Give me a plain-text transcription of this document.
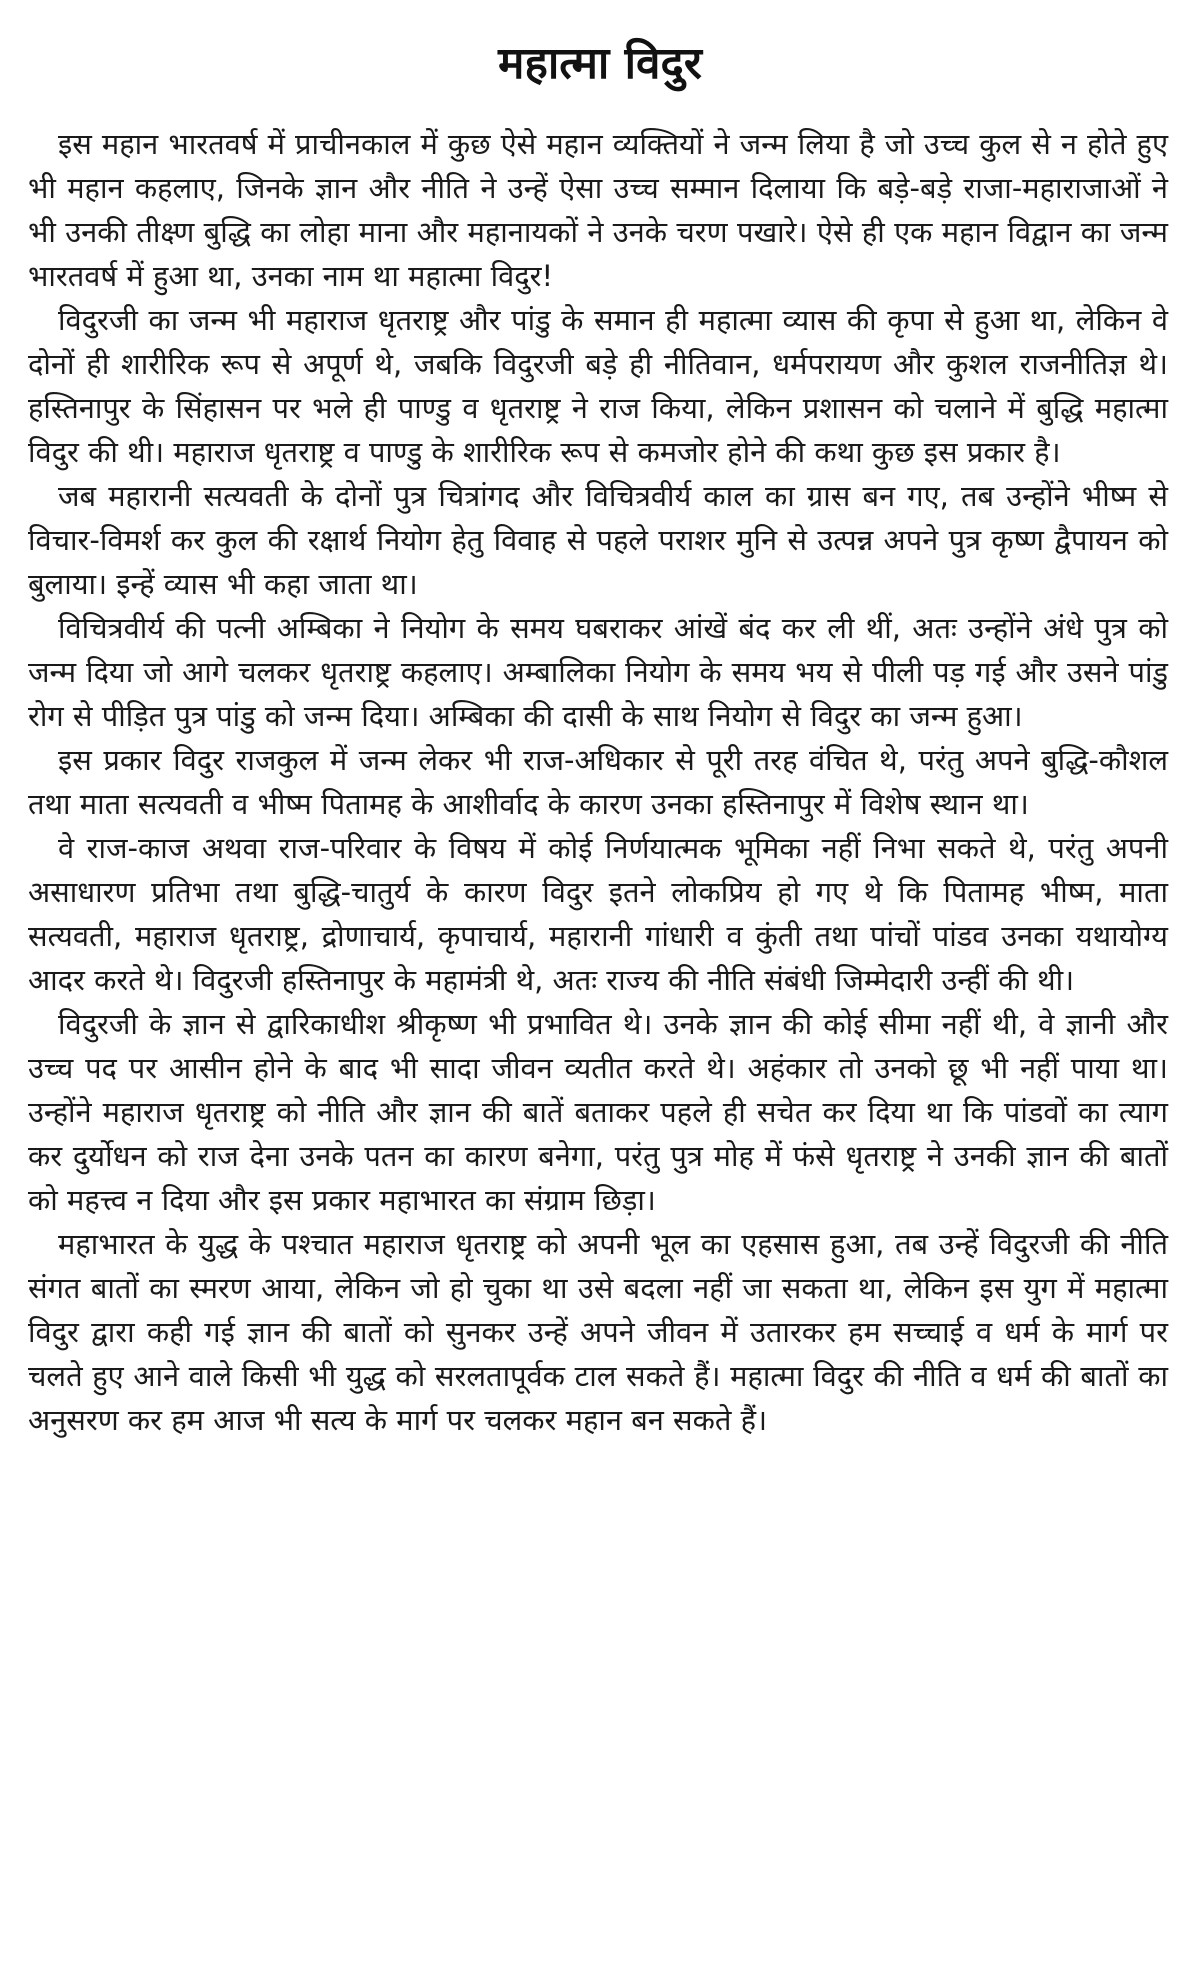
महात्मा विदुर

इस महान भारतवर्ष में प्राचीनकाल में कुछ ऐसे महान व्यक्तियों ने जन्म लिया है जो उच्च कुल से न होते हुए भी महान कहलाए, जिनके ज्ञान और नीति ने उन्हें ऐसा उच्च सम्मान दिलाया कि बड़े-बड़े राजा-महाराजाओं ने भी उनकी तीक्ष्ण बुद्धि का लोहा माना और महानायकों ने उनके चरण पखारे। ऐसे ही एक महान विद्वान का जन्म भारतवर्ष में हुआ था, उनका नाम था महात्मा विदुर!

विदुरजी का जन्म भी महाराज धृतराष्ट्र और पांडु के समान ही महात्मा व्यास की कृपा से हुआ था, लेकिन वे दोनों ही शारीरिक रूप से अपूर्ण थे, जबकि विदुरजी बड़े ही नीतिवान, धर्मपरायण और कुशल राजनीतिज्ञ थे। हस्तिनापुर के सिंहासन पर भले ही पाण्डु व धृतराष्ट्र ने राज किया, लेकिन प्रशासन को चलाने में बुद्धि महात्मा विदुर की थी। महाराज धृतराष्ट्र व पाण्डु के शारीरिक रूप से कमजोर होने की कथा कुछ इस प्रकार है।

जब महारानी सत्यवती के दोनों पुत्र चित्रांगद और विचित्रवीर्य काल का ग्रास बन गए, तब उन्होंने भीष्म से विचार-विमर्श कर कुल की रक्षार्थ नियोग हेतु विवाह से पहले पराशर मुनि से उत्पन्न अपने पुत्र कृष्ण द्वैपायन को बुलाया। इन्हें व्यास भी कहा जाता था।

विचित्रवीर्य की पत्नी अम्बिका ने नियोग के समय घबराकर आंखें बंद कर ली थीं, अतः उन्होंने अंधे पुत्र को जन्म दिया जो आगे चलकर धृतराष्ट्र कहलाए। अम्बालिका नियोग के समय भय से पीली पड़ गई और उसने पांडु रोग से पीड़ित पुत्र पांडु को जन्म दिया। अम्बिका की दासी के साथ नियोग से विदुर का जन्म हुआ।

इस प्रकार विदुर राजकुल में जन्म लेकर भी राज-अधिकार से पूरी तरह वंचित थे, परंतु अपने बुद्धि-कौशल तथा माता सत्यवती व भीष्म पितामह के आशीर्वाद के कारण उनका हस्तिनापुर में विशेष स्थान था।

वे राज-काज अथवा राज-परिवार के विषय में कोई निर्णयात्मक भूमिका नहीं निभा सकते थे, परंतु अपनी असाधारण प्रतिभा तथा बुद्धि-चातुर्य के कारण विदुर इतने लोकप्रिय हो गए थे कि पितामह भीष्म, माता सत्यवती, महाराज धृतराष्ट्र, द्रोणाचार्य, कृपाचार्य, महारानी गांधारी व कुंती तथा पांचों पांडव उनका यथायोग्य आदर करते थे। विदुरजी हस्तिनापुर के महामंत्री थे, अतः राज्य की नीति संबंधी जिम्मेदारी उन्हीं की थी।

विदुरजी के ज्ञान से द्वारिकाधीश श्रीकृष्ण भी प्रभावित थे। उनके ज्ञान की कोई सीमा नहीं थी, वे ज्ञानी और उच्च पद पर आसीन होने के बाद भी सादा जीवन व्यतीत करते थे। अहंकार तो उनको छू भी नहीं पाया था। उन्होंने महाराज धृतराष्ट्र को नीति और ज्ञान की बातें बताकर पहले ही सचेत कर दिया था कि पांडवों का त्याग कर दुर्योधन को राज देना उनके पतन का कारण बनेगा, परंतु पुत्र मोह में फंसे धृतराष्ट्र ने उनकी ज्ञान की बातों को महत्त्व न दिया और इस प्रकार महाभारत का संग्राम छिड़ा।

महाभारत के युद्ध के पश्चात महाराज धृतराष्ट्र को अपनी भूल का एहसास हुआ, तब उन्हें विदुरजी की नीति संगत बातों का स्मरण आया, लेकिन जो हो चुका था उसे बदला नहीं जा सकता था, लेकिन इस युग में महात्मा विदुर द्वारा कही गई ज्ञान की बातों को सुनकर उन्हें अपने जीवन में उतारकर हम सच्चाई व धर्म के मार्ग पर चलते हुए आने वाले किसी भी युद्ध को सरलतापूर्वक टाल सकते हैं। महात्मा विदुर की नीति व धर्म की बातों का अनुसरण कर हम आज भी सत्य के मार्ग पर चलकर महान बन सकते हैं।
